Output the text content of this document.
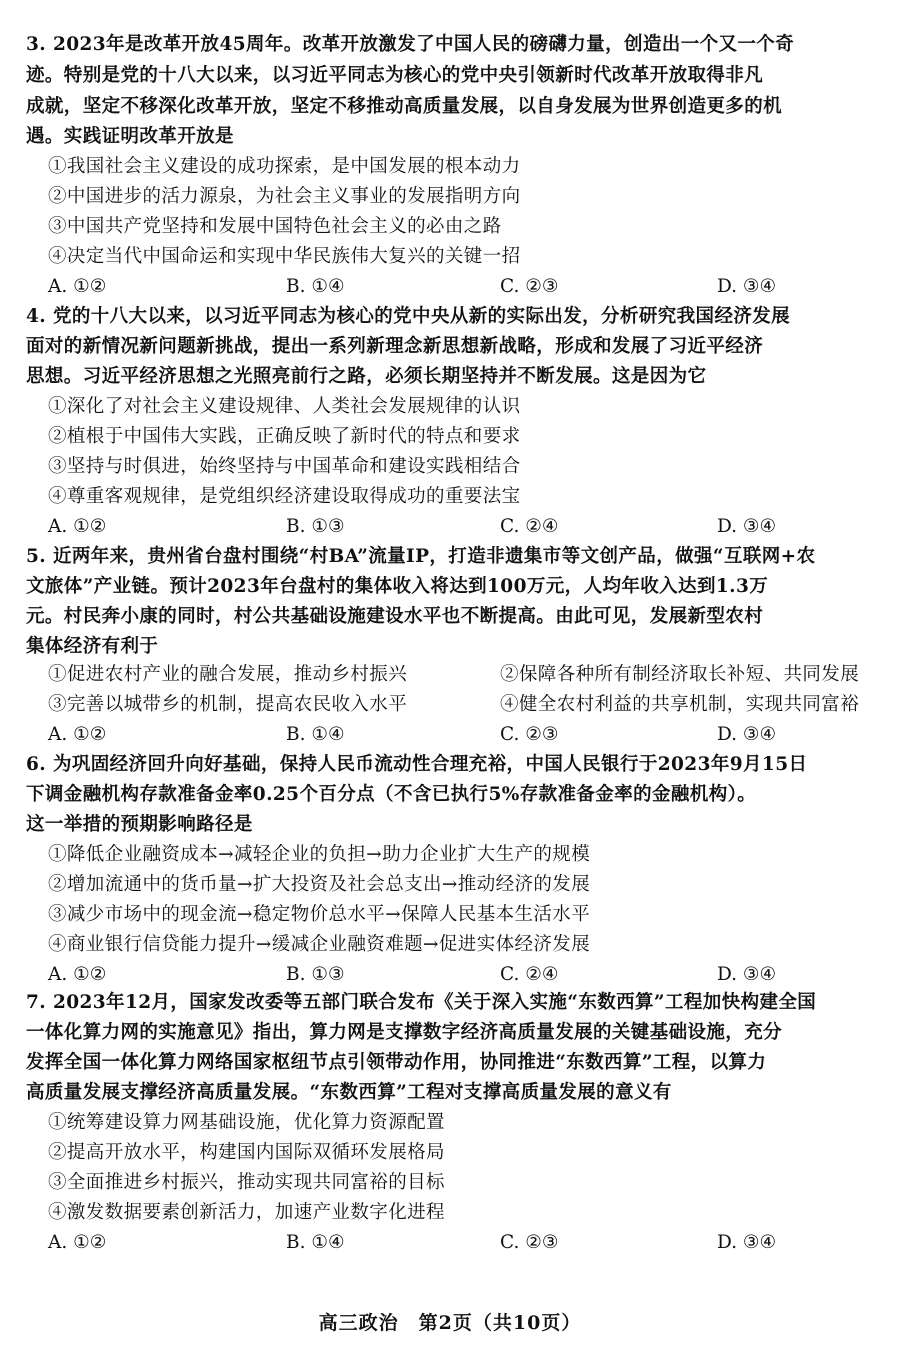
3. 2023年是改革开放45周年。改革开放激发了中国人民的磅礴力量，创造出一个又一个奇
迹。特别是党的十八大以来，以习近平同志为核心的党中央引领新时代改革开放取得非凡
成就，坚定不移深化改革开放，坚定不移推动高质量发展，以自身发展为世界创造更多的机
遇。实践证明改革开放是
①我国社会主义建设的成功探索，是中国发展的根本动力
②中国进步的活力源泉，为社会主义事业的发展指明方向
③中国共产党坚持和发展中国特色社会主义的必由之路
④决定当代中国命运和实现中华民族伟大复兴的关键一招
A. ①②	B. ①④	C. ②③	D. ③④
4. 党的十八大以来，以习近平同志为核心的党中央从新的实际出发，分析研究我国经济发展
面对的新情况新问题新挑战，提出一系列新理念新思想新战略，形成和发展了习近平经济
思想。习近平经济思想之光照亮前行之路，必须长期坚持并不断发展。这是因为它
①深化了对社会主义建设规律、人类社会发展规律的认识
②植根于中国伟大实践，正确反映了新时代的特点和要求
③坚持与时俱进，始终坚持与中国革命和建设实践相结合
④尊重客观规律，是党组织经济建设取得成功的重要法宝
A. ①②	B. ①③	C. ②④	D. ③④
5. 近两年来，贵州省台盘村围绕“村BA”流量IP，打造非遗集市等文创产品，做强“互联网+农
文旅体”产业链。预计2023年台盘村的集体收入将达到100万元，人均年收入达到1.3万
元。村民奔小康的同时，村公共基础设施建设水平也不断提高。由此可见，发展新型农村
集体经济有利于
①促进农村产业的融合发展，推动乡村振兴	②保障各种所有制经济取长补短、共同发展
③完善以城带乡的机制，提高农民收入水平	④健全农村利益的共享机制，实现共同富裕
A. ①②	B. ①④	C. ②③	D. ③④
6. 为巩固经济回升向好基础，保持人民币流动性合理充裕，中国人民银行于2023年9月15日
下调金融机构存款准备金率0.25个百分点（不含已执行5%存款准备金率的金融机构）。
这一举措的预期影响路径是
①降低企业融资成本→减轻企业的负担→助力企业扩大生产的规模
②增加流通中的货币量→扩大投资及社会总支出→推动经济的发展
③减少市场中的现金流→稳定物价总水平→保障人民基本生活水平
④商业银行信贷能力提升→缓减企业融资难题→促进实体经济发展
A. ①②	B. ①③	C. ②④	D. ③④
7. 2023年12月，国家发改委等五部门联合发布《关于深入实施“东数西算”工程加快构建全国
一体化算力网的实施意见》指出，算力网是支撑数字经济高质量发展的关键基础设施，充分
发挥全国一体化算力网络国家枢纽节点引领带动作用，协同推进“东数西算”工程，以算力
高质量发展支撑经济高质量发展。“东数西算”工程对支撑高质量发展的意义有
①统筹建设算力网基础设施，优化算力资源配置
②提高开放水平，构建国内国际双循环发展格局
③全面推进乡村振兴，推动实现共同富裕的目标
④激发数据要素创新活力，加速产业数字化进程
A. ①②	B. ①④	C. ②③	D. ③④
高三政治　第2页（共10页）
